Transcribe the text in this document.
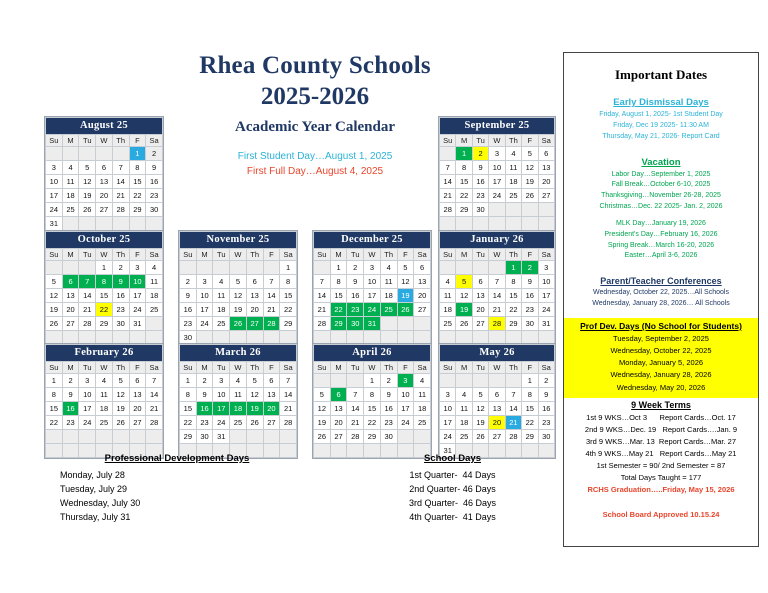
Rhea County Schools
2025-2026
Academic Year Calendar
First Student Day…August 1, 2025
First Full Day…August 4, 2025
August 25						
Su	M	Tu	W	Th	F	Sa
					1	2
3	4	5	6	7	8	9
10	11	12	13	14	15	16
17	18	19	20	21	22	23
24	25	26	27	28	29	30
31						
September 25						
Su	M	Tu	W	Th	F	Sa
	1	2	3	4	5	6
7	8	9	10	11	12	13
14	15	16	17	18	19	20
21	22	23	24	25	26	27
28	29	30				

October 25						
Su	M	Tu	W	Th	F	Sa
			1	2	3	4
5	6	7	8	9	10	11
12	13	14	15	16	17	18
19	20	21	22	23	24	25
26	27	28	29	30	31	

November 25						
Su	M	Tu	W	Th	F	Sa
						1
2	3	4	5	6	7	8
9	10	11	12	13	14	15
16	17	18	19	20	21	22
23	24	25	26	27	28	29
30						
December 25						
Su	M	Tu	W	Th	F	Sa
	1	2	3	4	5	6
7	8	9	10	11	12	13
14	15	16	17	18	19	20
21	22	23	24	25	26	27
28	29	30	31			

January 26						
Su	M	Tu	W	Th	F	Sa
				1	2	3
4	5	6	7	8	9	10
11	12	13	14	15	16	17
18	19	20	21	22	23	24
25	26	27	28	29	30	31

February 26						
Su	M	Tu	W	Th	F	Sa
1	2	3	4	5	6	7
8	9	10	11	12	13	14
15	16	17	18	19	20	21
22	23	24	25	26	27	28

March 26						
Su	M	Tu	W	Th	F	Sa
1	2	3	4	5	6	7
8	9	10	11	12	13	14
15	16	17	18	19	20	21
22	23	24	25	26	27	28
29	30	31				

April 26						
Su	M	Tu	W	Th	F	Sa
			1	2	3	4
5	6	7	8	9	10	11
12	13	14	15	16	17	18
19	20	21	22	23	24	25
26	27	28	29	30		

May 26						
Su	M	Tu	W	Th	F	Sa
					1	2
3	4	5	6	7	8	9
10	11	12	13	14	15	16
17	18	19	20	21	22	23
24	25	26	27	28	29	30
31						
Professional Development Days
Monday, July 28
Tuesday, July 29
Wednesday, July 30
Thursday, July 31
School Days
1st Quarter-  44 Days
2nd Quarter- 46 Days
3rd Quarter-  46 Days
4th Quarter-  41 Days
Important Dates
Early Dismissal Days
Friday, August 1, 2025- 1st Student Day
Friday, Dec 19 2025- 11:30 AM
Thursday, May 21, 2026- Report Card
Vacation
Labor Day…September 1, 2025
Fall Break…October 6-10, 2025
Thanksgiving…November 26-28, 2025
Christmas…Dec. 22 2025- Jan. 2, 2026
MLK Day…January 19, 2026
President's Day…February 16, 2026
Spring Break…March 16-20, 2026
Easter…April 3-6, 2026
Parent/Teacher Conferences
Wednesday, October 22, 2025…All Schools
Wednesday, January 28, 2026… All Schools
Prof Dev. Days (No School for Students)
Tuesday, September 2, 2025
Wednesday, October 22, 2025
Monday, January 5, 2026
Wednesday, January 28, 2026
Wednesday, May 20, 2026
9 Week Terms
1st 9 WKS…Oct 3      Report Cards…Oct. 17
2nd 9 WKS…Dec. 19   Report Cards….Jan. 9
3rd 9 WKS…Mar. 13  Report Cards…Mar. 27
4th 9 WKS…May 21   Report Cards…May 21
1st Semester = 90/ 2nd Semester = 87
Total Days Taught = 177
RCHS Graduation…..Friday, May 15, 2026
School Board Approved 10.15.24
